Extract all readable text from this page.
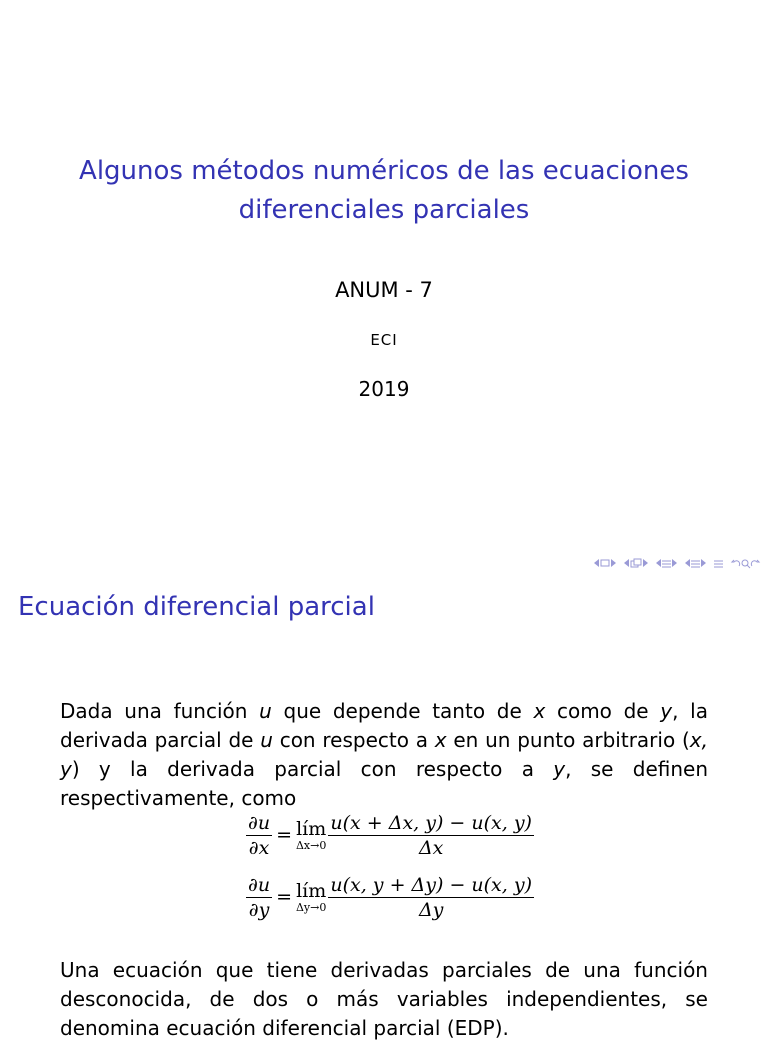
Algunos métodos numéricos de las ecuaciones
diferenciales parciales
ANUM - 7
ECI
2019
Ecuación diferencial parcial
Dada una función u que depende tanto de x como de y, la derivada parcial de u con respecto a x en un punto arbitrario (x, y) y la derivada parcial con respecto a y, se definen respectivamente, como
$\frac{\partial u}{\partial x}$ = lím
$\Delta x\to 0 \frac{u(x + \Delta x, y) - u(x, y)}{\Delta x}$
$\frac{\partial u}{\partial y}$ = lím
$\Delta y\to 0 \frac{u(x, y + \Delta y) - u(x, y)}{\Delta y}$
Una ecuación que tiene derivadas parciales de una función desconocida, de dos o más variables independientes, se denomina ecuación diferencial parcial (EDP).
